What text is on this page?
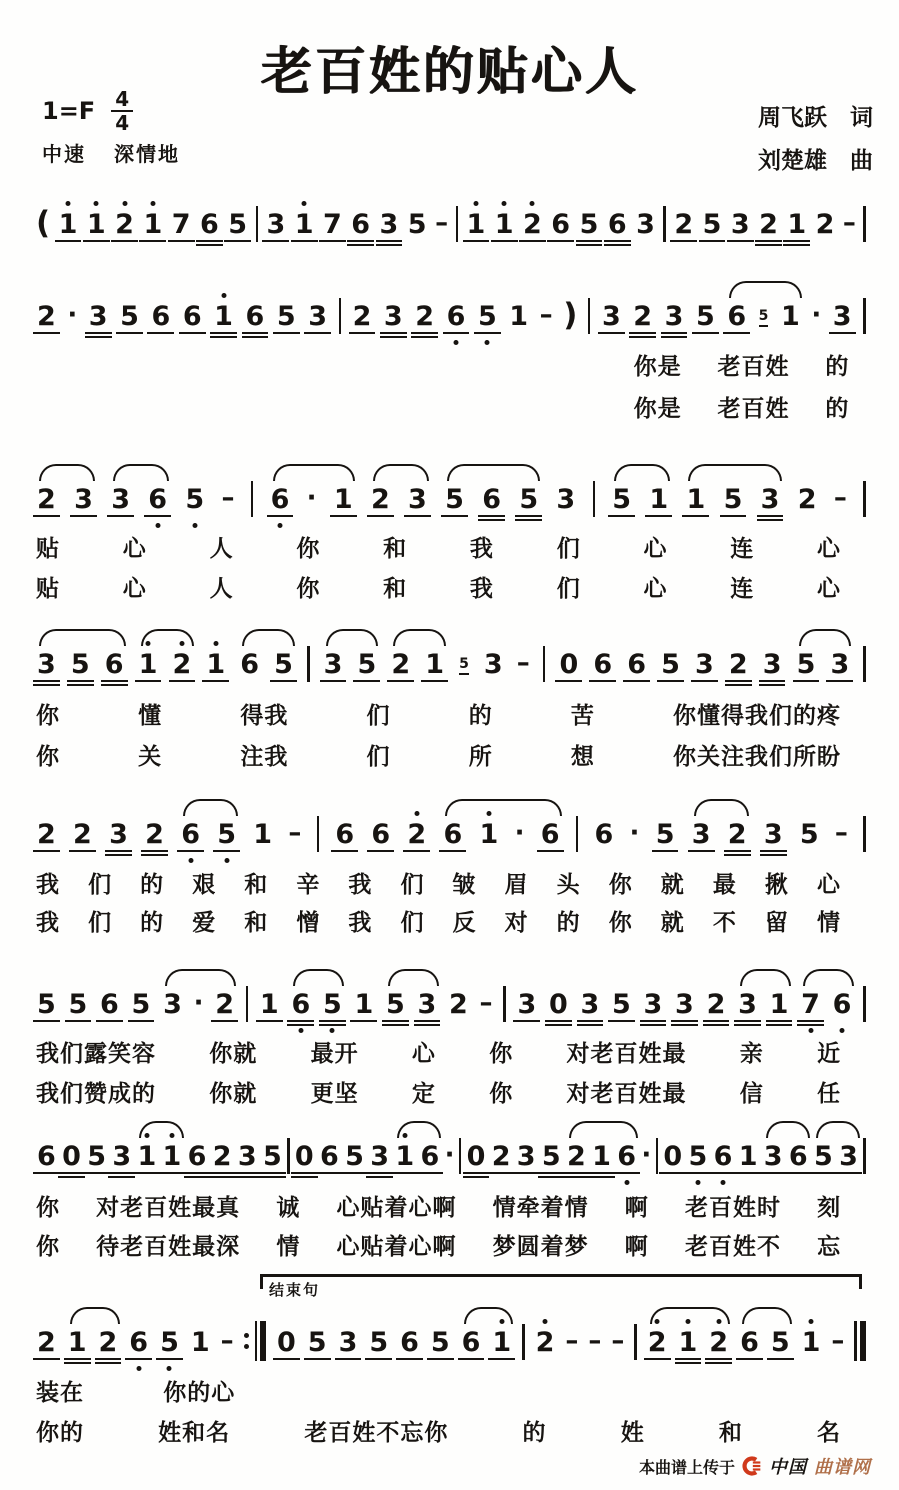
老百姓的贴心人
$1=F \frac{4}{4}$
中速 深情地
周飞跃　词
刘楚雄　曲
( 1 1 2 1 7 6 5 3 1 7 6 3 5 – 1 1 2 6 5 6 3 2 5 3 2 1 2 –
2 · 3 5 6 6 1 6 5 3 2 3 2 6 5 1 – ) 3 2 3 5 6 5 1 · 3
你是 老百姓 的
你是 老百姓 的
2 3 3 6 5 – 6 · 1 2 3 5 6 5 3 5 1 1 5 3 2 –
贴	心	人	你	和	我	们	心	连	心
贴	心	人	你	和	我	们	心	连	心
3 5 6 1 2 1 6 5 3 5 2 1 5 3 – 0 6 6 5 3 2 3 5 3
你	懂	得我	们	的	苦	你懂得我们的疼
你	关	注我	们	所	想	你关注我们所盼
2 2 3 2 6 5 1 – 6 6 2 6 1 · 6 6 · 5 3 2 3 5 –
我 们 的 艰 和 辛 我 们 皱 眉 头 你 就 最 揪 心
我 们 的 爱 和 憎 我 们 反 对 的 你 就 不 留 情
5 5 6 5 3 · 2 1 6 5 1 5 3 2 – 3 0 3 5 3 3 2 3 1 7 6
我们露笑容 你就 最开 心 你 对老百姓最 亲 近
我们赞成的 你就 更坚 定 你 对老百姓最 信 任
6 0 5 3 1 1 6 2 3 5 0 6 5 3 1 6 · 0 2 3 5 2 1 6 · 0 5 6 1 3 6 5 3
你 对老百姓最真 诚 心贴着心啊 情牵着情 啊 老百姓时 刻
你 待老百姓最深 情 心贴着心啊 梦圆着梦 啊 老百姓不 忘
2 1 2 6 5 1 – 0 5 3 5 6 5 6 1 2 – – – 2 1 2 6 5 1 –
装在	你的心
你的	姓和名	老百姓不忘你	的	姓	和	名
结束句
本曲谱上传于 中国 曲谱网
